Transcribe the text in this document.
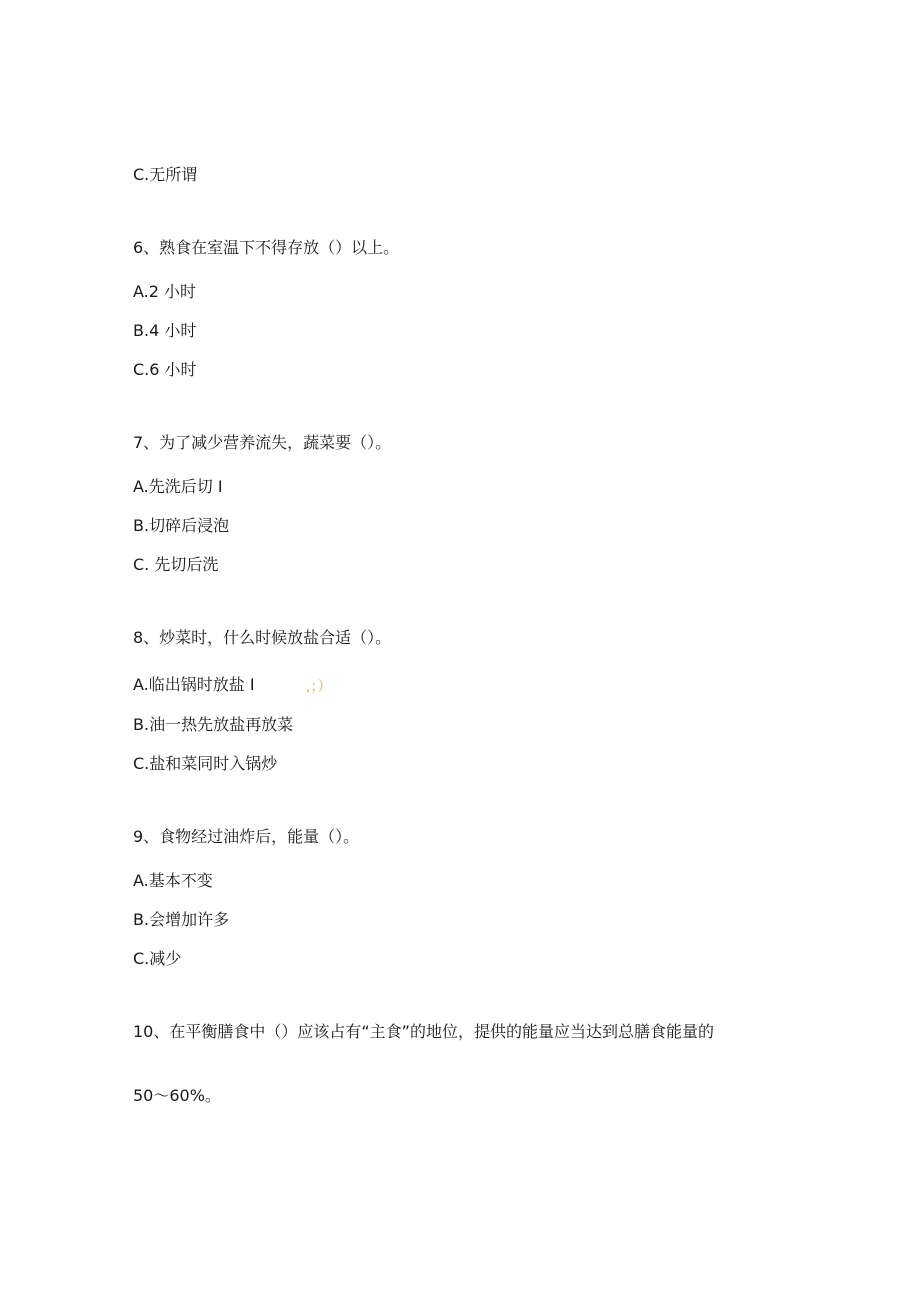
C.无所谓
6、熟食在室温下不得存放（）以上。
A.2 小时
B.4 小时
C.6 小时
7、为了减少营养流失，蔬菜要（）。
A.先洗后切 I
B.切碎后浸泡
C. 先切后洗
8、炒菜时，什么时候放盐合适（）。
A.临出锅时放盐 I	,；）
B.油一热先放盐再放菜
C.盐和菜同时入锅炒
9、食物经过油炸后，能量（）。
A.基本不变
B.会增加许多
C.减少
10、在平衡膳食中（）应该占有“主食”的地位，提供的能量应当达到总膳食能量的
50～60%。
